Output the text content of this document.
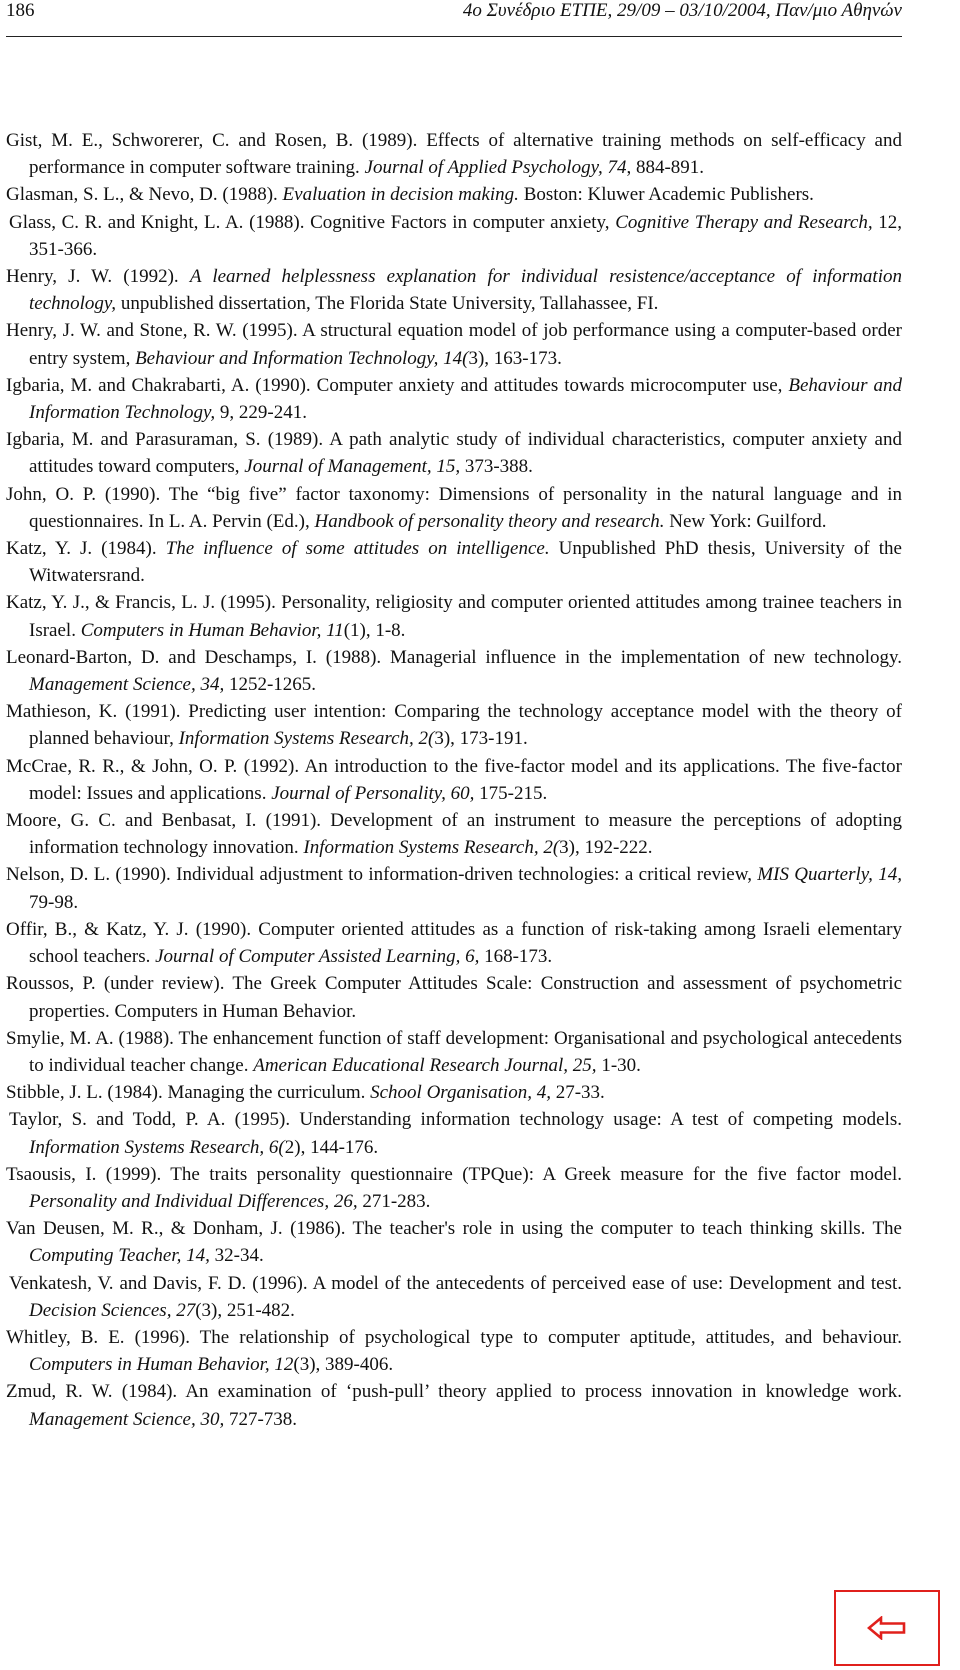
186	4ο Συνέδριο ΕΤΠΕ, 29/09 – 03/10/2004, Παν/μιο Αθηνών
Gist, M. E., Schworerer, C. and Rosen, B. (1989). Effects of alternative training methods on self-efficacy and performance in computer software training. Journal of Applied Psychology, 74, 884-891.
Glasman, S. L., & Nevo, D. (1988). Evaluation in decision making. Boston: Kluwer Academic Publishers.
Glass, C. R. and Knight, L. A. (1988). Cognitive Factors in computer anxiety, Cognitive Therapy and Research, 12, 351-366.
Henry, J. W. (1992). A learned helplessness explanation for individual resistence/acceptance of information technology, unpublished dissertation, The Florida State University, Tallahassee, FI.
Henry, J. W. and Stone, R. W. (1995). A structural equation model of job performance using a computer-based order entry system, Behaviour and Information Technology, 14(3), 163-173.
Igbaria, M. and Chakrabarti, A. (1990). Computer anxiety and attitudes towards microcomputer use, Behaviour and Information Technology, 9, 229-241.
Igbaria, M. and Parasuraman, S. (1989). A path analytic study of individual characteristics, computer anxiety and attitudes toward computers, Journal of Management, 15, 373-388.
John, O. P. (1990). The “big five” factor taxonomy: Dimensions of personality in the natural language and in questionnaires. In L. A. Pervin (Ed.), Handbook of personality theory and research. New York: Guilford.
Katz, Y. J. (1984). The influence of some attitudes on intelligence. Unpublished PhD thesis, University of the Witwatersrand.
Katz, Y. J., & Francis, L. J. (1995). Personality, religiosity and computer oriented attitudes among trainee teachers in Israel. Computers in Human Behavior, 11(1), 1-8.
Leonard-Barton, D. and Deschamps, I. (1988). Managerial influence in the implementation of new technology. Management Science, 34, 1252-1265.
Mathieson, K. (1991). Predicting user intention: Comparing the technology acceptance model with the theory of planned behaviour, Information Systems Research, 2(3), 173-191.
McCrae, R. R., & John, O. P. (1992). An introduction to the five-factor model and its applications. The five-factor model: Issues and applications. Journal of Personality, 60, 175-215.
Moore, G. C. and Benbasat, I. (1991). Development of an instrument to measure the perceptions of adopting information technology innovation. Information Systems Research, 2(3), 192-222.
Nelson, D. L. (1990). Individual adjustment to information-driven technologies: a critical review, MIS Quarterly, 14, 79-98.
Offir, B., & Katz, Y. J. (1990). Computer oriented attitudes as a function of risk-taking among Israeli elementary school teachers. Journal of Computer Assisted Learning, 6, 168-173.
Roussos, P. (under review). The Greek Computer Attitudes Scale: Construction and assessment of psychometric properties. Computers in Human Behavior.
Smylie, M. A. (1988). The enhancement function of staff development: Organisational and psychological antecedents to individual teacher change. American Educational Research Journal, 25, 1-30.
Stibble, J. L. (1984). Managing the curriculum. School Organisation, 4, 27-33.
Taylor, S. and Todd, P. A. (1995). Understanding information technology usage: A test of competing models. Information Systems Research, 6(2), 144-176.
Tsaousis, I. (1999). The traits personality questionnaire (TPQue): A Greek measure for the five factor model. Personality and Individual Differences, 26, 271-283.
Van Deusen, M. R., & Donham, J. (1986). The teacher's role in using the computer to teach thinking skills. The Computing Teacher, 14, 32-34.
Venkatesh, V. and Davis, F. D. (1996). A model of the antecedents of perceived ease of use: Development and test. Decision Sciences, 27(3), 251-482.
Whitley, B. E. (1996). The relationship of psychological type to computer aptitude, attitudes, and behaviour. Computers in Human Behavior, 12(3), 389-406.
Zmud, R. W. (1984). An examination of ‘push-pull’ theory applied to process innovation in knowledge work. Management Science, 30, 727-738.
